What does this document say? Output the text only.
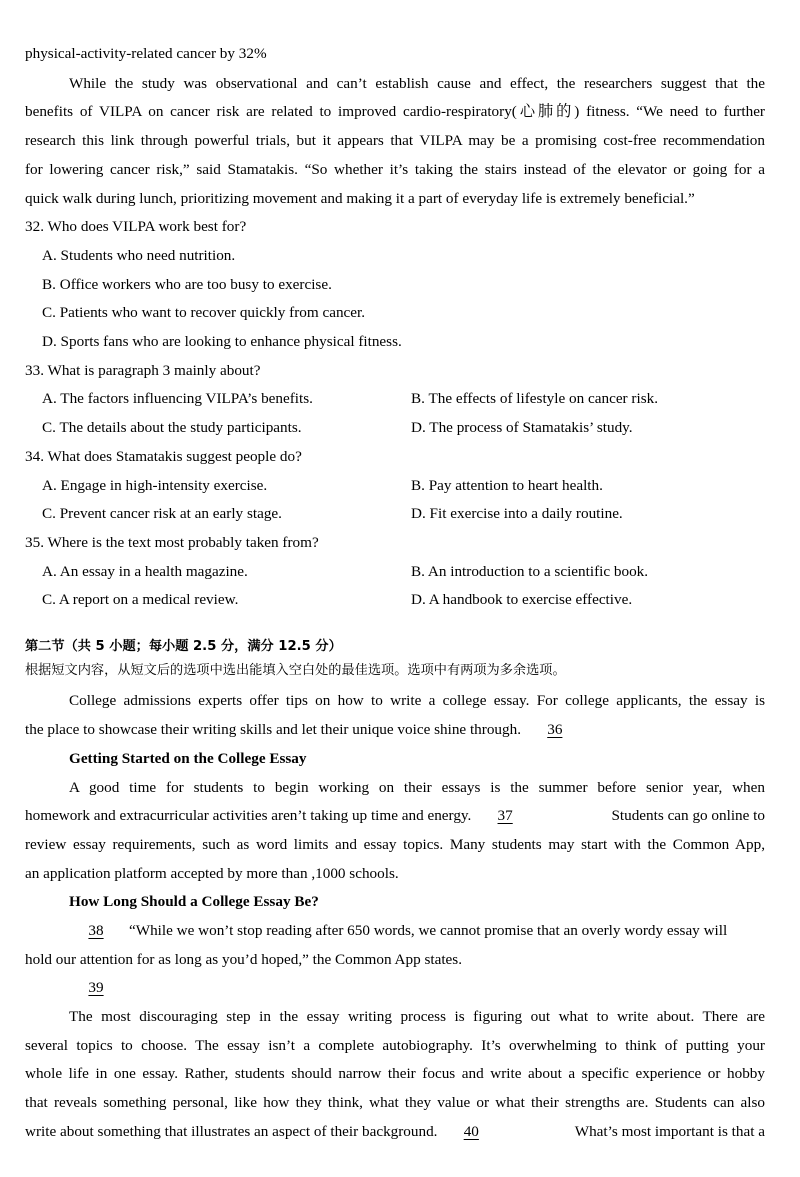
physical-activity-related cancer by 32%
While the study was observational and can’t establish cause and effect, the researchers suggest that the
benefits of VILPA on cancer risk are related to improved cardio-respiratory(心肺的) fitness. “We need to further
research this link through powerful trials, but it appears that VILPA may be a promising cost-free recommendation
for lowering cancer risk,” said Stamatakis. “So whether it’s taking the stairs instead of the elevator or going for a
quick walk during lunch, prioritizing movement and making it a part of everyday life is extremely beneficial.”
32. Who does VILPA work best for?
A. Students who need nutrition.
B. Office workers who are too busy to exercise.
C. Patients who want to recover quickly from cancer.
D. Sports fans who are looking to enhance physical fitness.
33. What is paragraph 3 mainly about?
A. The factors influencing VILPA’s benefits.	B. The effects of lifestyle on cancer risk.
C. The details about the study participants.	D. The process of Stamatakis’ study.
34. What does Stamatakis suggest people do?
A. Engage in high-intensity exercise.	B. Pay attention to heart health.
C. Prevent cancer risk at an early stage.	D. Fit exercise into a daily routine.
35. Where is the text most probably taken from?
A. An essay in a health magazine.	B. An introduction to a scientific book.
C. A report on a medical review.	D. A handbook to exercise effective.
第二节（共 5 小题；每小题 2.5 分，满分 12.5 分）
根据短文内容，从短文后的选项中选出能填入空白处的最佳选项。选项中有两项为多余选项。
College admissions experts offer tips on how to write a college essay. For college applicants, the essay is
the place to showcase their writing skills and let their unique voice shine through. 36
Getting Started on the College Essay
A good time for students to begin working on their essays is the summer before senior year, when
homework and extracurricular activities aren’t taking up time and energy. 37	Students can go online to
review essay requirements, such as word limits and essay topics. Many students may start with the Common App,
an application platform accepted by more than ,1000 schools.
How Long Should a College Essay Be?
38 “While we won’t stop reading after 650 words, we cannot promise that an overly wordy essay will
hold our attention for as long as you’d hoped,” the Common App states.
39
The most discouraging step in the essay writing process is figuring out what to write about. There are
several topics to choose. The essay isn’t a complete autobiography. It’s overwhelming to think of putting your
whole life in one essay. Rather, students should narrow their focus and write about a specific experience or hobby
that reveals something personal, like how they think, what they value or what their strengths are. Students can also
write about something that illustrates an aspect of their background. 40	What’s most important is that a
